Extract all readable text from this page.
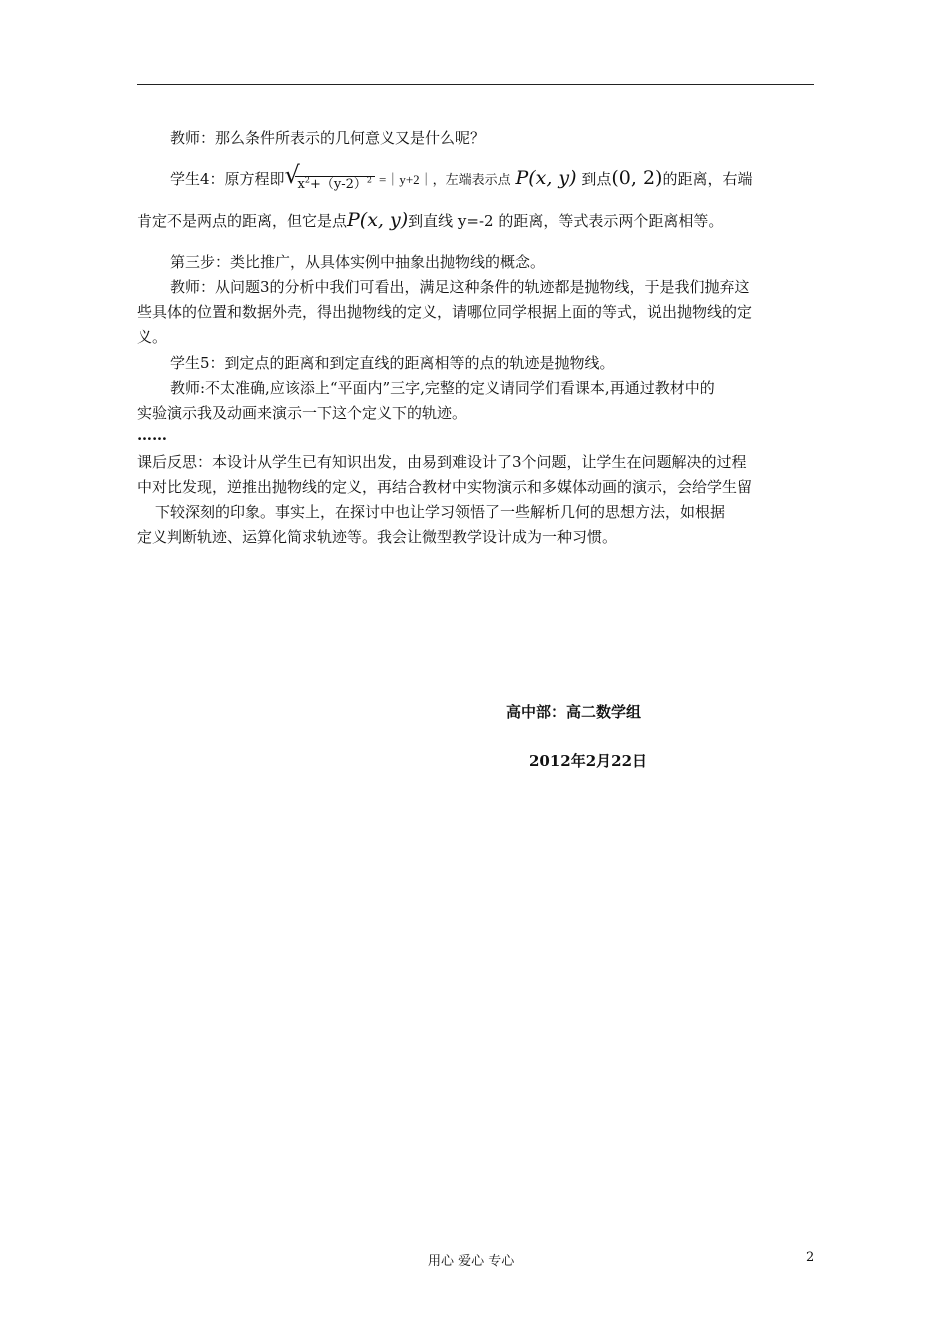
教师：那么条件所表示的几何意义又是什么呢？
学生4：原方程即 √
$x^2+(y-2)^2$ =｜y+2｜，左端表示点 P(x, y) 到点(0, 2)的距离，右端
肯定不是两点的距离，但它是点P(x, y)到直线 y=-2 的距离，等式表示两个距离相等。
第三步：类比推广，从具体实例中抽象出抛物线的概念。
教师：从问题3的分析中我们可看出，满足这种条件的轨迹都是抛物线，于是我们抛弃这
些具体的位置和数据外壳，得出抛物线的定义，请哪位同学根据上面的等式，说出抛物线的定
义。
学生5：到定点的距离和到定直线的距离相等的点的轨迹是抛物线。
教师:不太准确,应该添上“平面内”三字,完整的定义请同学们看课本,再通过教材中的
实验演示我及动画来演示一下这个定义下的轨迹。
……
课后反思：本设计从学生已有知识出发，由易到难设计了3个问题，让学生在问题解决的过程
中对比发现，逆推出抛物线的定义，再结合教材中实物演示和多媒体动画的演示，会给学生留
下较深刻的印象。事实上，在探讨中也让学习领悟了一些解析几何的思想方法，如根据
定义判断轨迹、运算化简求轨迹等。我会让微型教学设计成为一种习惯。
高中部：高二数学组
2012年2月22日
用心 爱心 专心	2
